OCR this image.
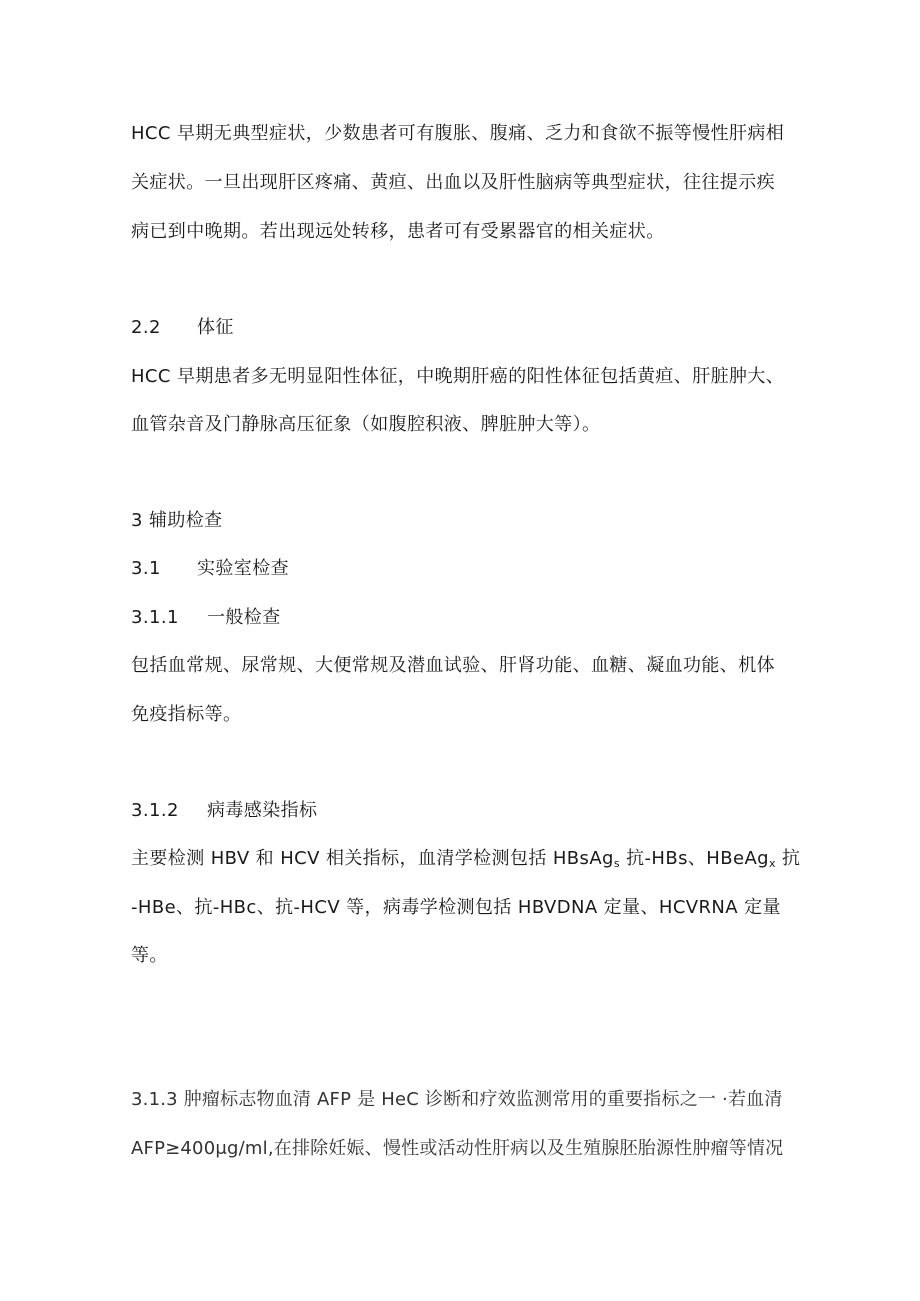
HCC 早期无典型症状，少数患者可有腹胀、腹痛、乏力和食欲不振等慢性肝病相
关症状。一旦出现肝区疼痛、黄疸、出血以及肝性脑病等典型症状，往往提示疾
病已到中晚期。若出现远处转移，患者可有受累器官的相关症状。
2.2 体征
HCC 早期患者多无明显阳性体征，中晚期肝癌的阳性体征包括黄疸、肝脏肿大、
血管杂音及门静脉高压征象（如腹腔积液、脾脏肿大等）。
3 辅助检查
3.1 实验室检查
3.1.1 一般检查
包括血常规、尿常规、大便常规及潜血试验、肝肾功能、血糖、凝血功能、机体
免疫指标等。
3.1.2 病毒感染指标
主要检测 HBV 和 HCV 相关指标，血清学检测包括 HBsAg$_s$ 抗-HBs、HBeAg$_x$ 抗
-HBe、抗-HBc、抗-HCV 等，病毒学检测包括 HBVDNA 定量、HCVRNA 定量
等。
3.1.3 肿瘤标志物血清 AFP 是 HeC 诊断和疗效监测常用的重要指标之一 ·若血清
AFP≥400μg∕ml,在排除妊娠、慢性或活动性肝病以及生殖腺胚胎源性肿瘤等情况
